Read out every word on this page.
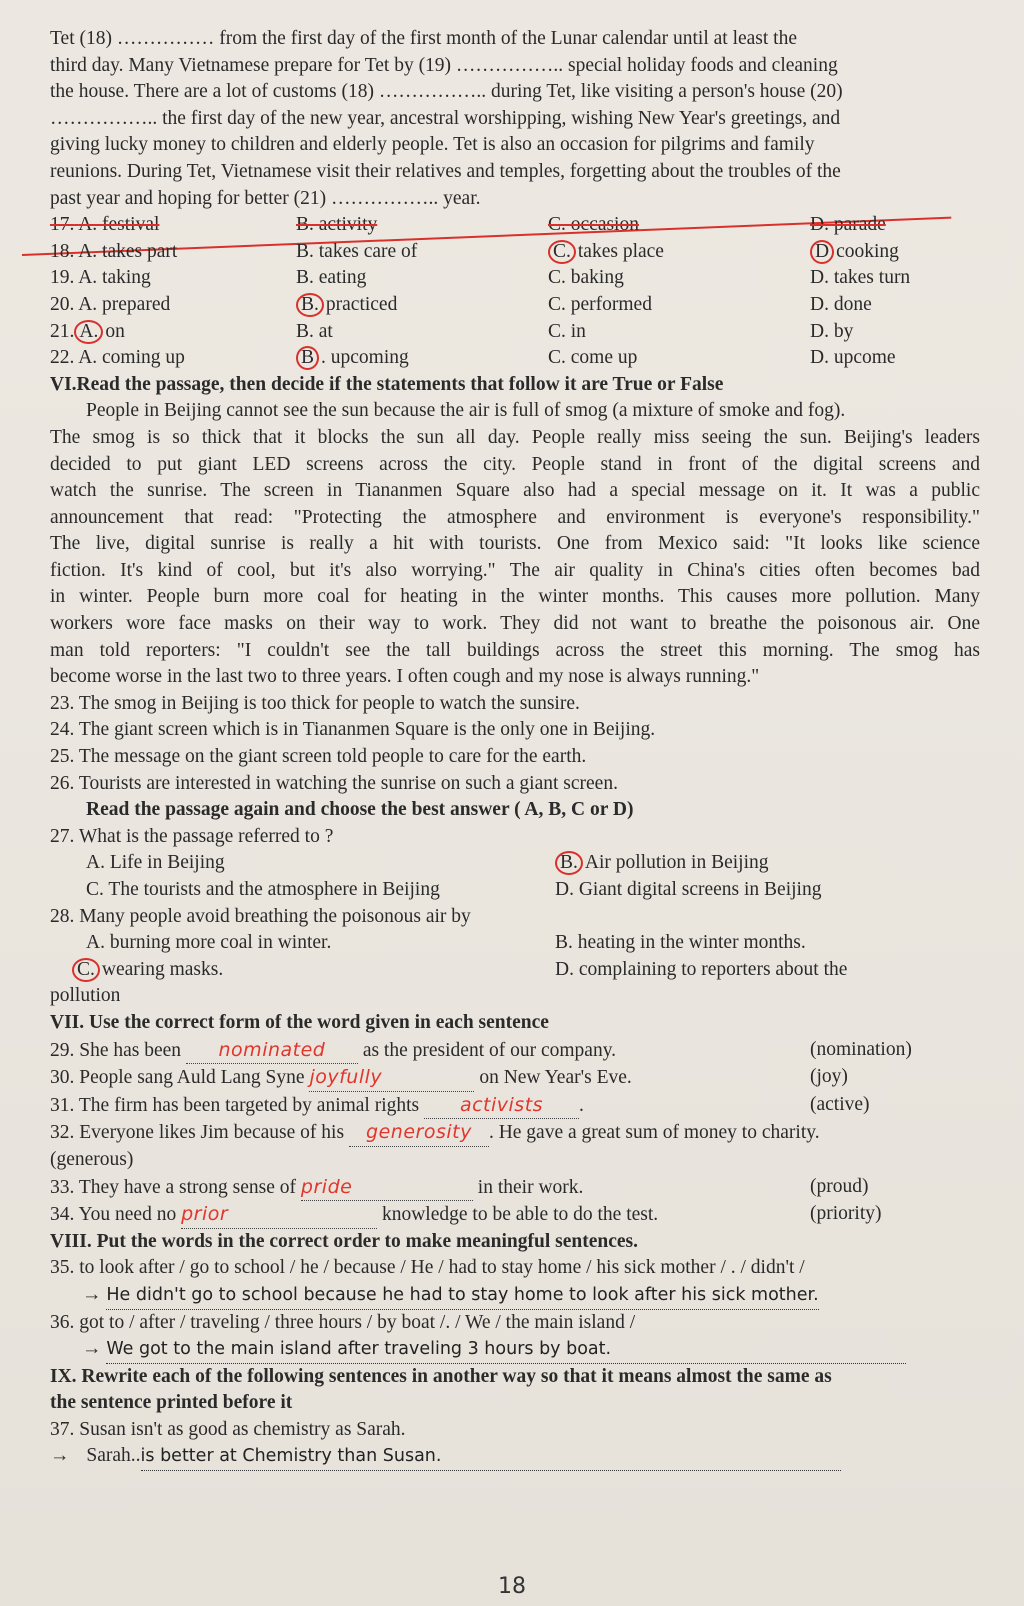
Tet (18) …………… from the first day of the first month of the Lunar calendar until at least the
third day. Many Vietnamese prepare for Tet by (19) …………….. special holiday foods and cleaning
the house. There are a lot of customs (18) …………….. during Tet, like visiting a person's house (20)
…………….. the first day of the new year, ancestral worshipping, wishing New Year's greetings, and
giving lucky money to children and elderly people. Tet is also an occasion for pilgrims and family
reunions. During Tet, Vietnamese visit their relatives and temples, forgetting about the troubles of the
past year and hoping for better (21) …………….. year.
17. A. festival	B. activity	C. occasion	D. parade
18. A. takes part	B. takes care of	C. takes place	D cooking
19. A. taking	B. eating	C. baking	D. takes turn
20. A. prepared	B. practiced	C. performed	D. done
21. A. on	B. at	C. in	D. by
22. A. coming up	B . upcoming	C. come up	D. upcome
VI.Read the passage, then decide if the statements that follow it are True or False
People in Beijing cannot see the sun because the air is full of smog (a mixture of smoke and fog).
The smog is so thick that it blocks the sun all day. People really miss seeing the sun. Beijing's leaders
decided to put giant LED screens across the city. People stand in front of the digital screens and
watch the sunrise. The screen in Tiananmen Square also had a special message on it. It was a public
announcement that read: "Protecting the atmosphere and environment is everyone's responsibility."
The live, digital sunrise is really a hit with tourists. One from Mexico said: "It looks like science
fiction. It's kind of cool, but it's also worrying." The air quality in China's cities often becomes bad
in winter. People burn more coal for heating in the winter months. This causes more pollution. Many
workers wore face masks on their way to work. They did not want to breathe the poisonous air. One
man told reporters: "I couldn't see the tall buildings across the street this morning. The smog has
become worse in the last two to three years. I often cough and my nose is always running."
23. The smog in Beijing is too thick for people to watch the sunsire.
24. The giant screen which is in Tiananmen Square is the only one in Beijing.
25. The message on the giant screen told people to care for the earth.
26. Tourists are interested in watching the sunrise on such a giant screen.
Read the passage again and choose the best answer ( A, B, C or D)
27. What is the passage referred to ?
A. Life in Beijing	B. Air pollution in Beijing
C. The tourists and the atmosphere in Beijing	D. Giant digital screens in Beijing
28. Many people avoid breathing the poisonous air by
A. burning more coal in winter.	B. heating in the winter months.
C. wearing masks.	D. complaining to reporters about the
pollution
VII. Use the correct form of the word given in each sentence
29. She has been nominated as the president of our company.	(nomination)
30. People sang Auld Lang Syne joyfully	on New Year's Eve.	(joy)
31. The firm has been targeted by animal rights activists .	(active)
32. Everyone likes Jim because of his generosity . He gave a great sum of money to charity.
(generous)
33. They have a strong sense of pride	in their work.	(proud)
34. You need no prior	knowledge to be able to do the test.	(priority)
VIII. Put the words in the correct order to make meaningful sentences.
35. to look after / go to school / he / because / He / had to stay home / his sick mother / . / didn't /
→ He didn't go to school because he had to stay home to look after his sick mother.
36. got to / after / traveling / three hours / by boat /. / We / the main island /
→ We got to the main island after traveling 3 hours by boat.
IX. Rewrite each of the following sentences in another way so that it means almost the same as
the sentence printed before it
37. Susan isn't as good as chemistry as Sarah.
→ Sarah..is better at Chemistry than Susan.
18
